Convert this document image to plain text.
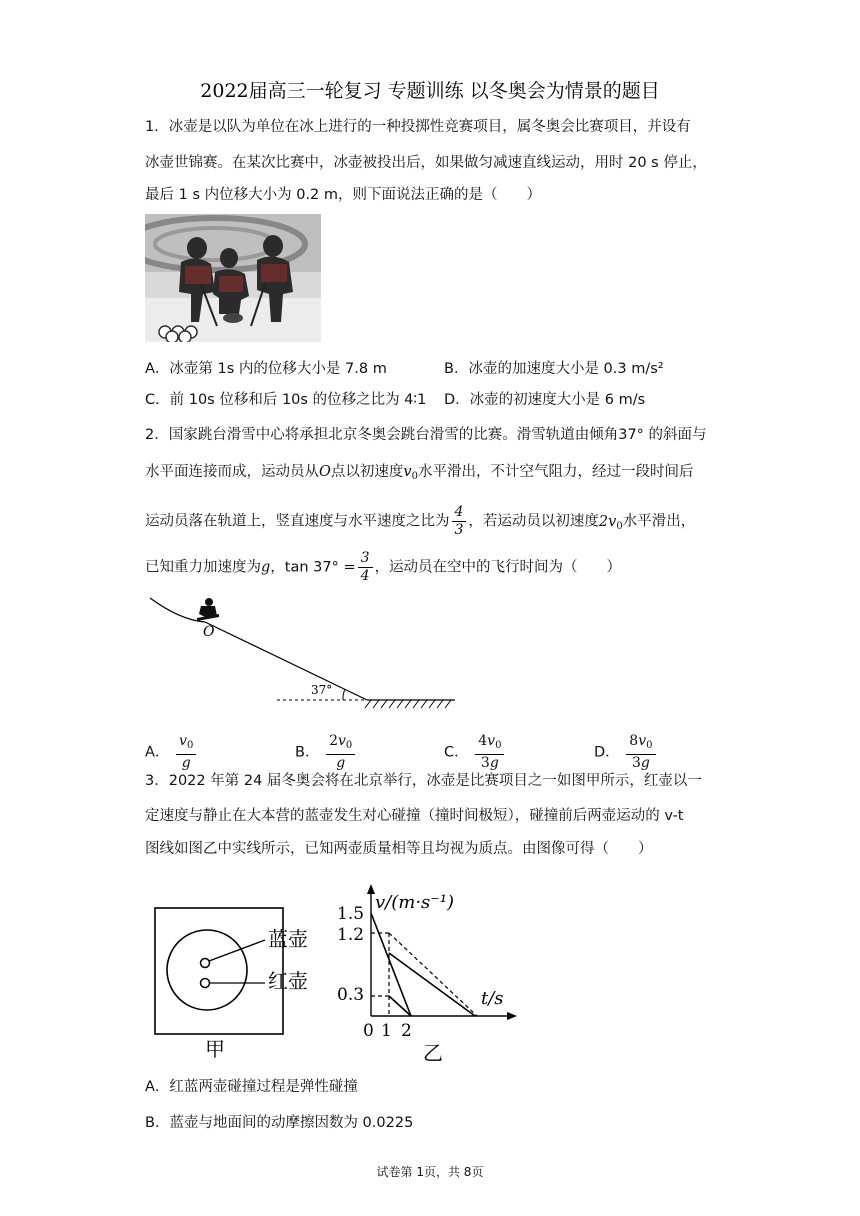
2022届高三一轮复习 专题训练 以冬奥会为情景的题目
1．冰壶是以队为单位在冰上进行的一种投掷性竞赛项目，属冬奥会比赛项目，并设有
冰壶世锦赛。在某次比赛中，冰壶被投出后，如果做匀减速直线运动，用时 20 s 停止，
最后 1 s 内位移大小为 0.2 m，则下面说法正确的是（　　）
A．冰壶第 1s 内的位移大小是 7.8 m	B．冰壶的加速度大小是 0.3 m/s²
C．前 10s 位移和后 10s 的位移之比为 4∶1 D．冰壶的初速度大小是 6 m/s
2．国家跳台滑雪中心将承担北京冬奥会跳台滑雪的比赛。滑雪轨道由倾角37° 的斜面与
水平面连接而成，运动员从O点以初速度$v_0$水平滑出，不计空气阻力，经过一段时间后
运动员落在轨道上，竖直速度与水平速度之比为 $\frac{4}{3}$ ，若运动员以初速度$2v_0$水平滑出，
已知重力加速度为g，$\tan 37^\circ = \frac{3}{4}$ ，运动员在空中的飞行时间为（　　）
O
37°
A． $\frac{v_0}{g}$	B． $\frac{2v_0}{g}$	C． $\frac{4v_0}{3g}$	D． $\frac{8v_0}{3g}$
3．2022 年第 24 届冬奥会将在北京举行，冰壶是比赛项目之一如图甲所示，红壶以一
定速度与静止在大本营的蓝壶发生对心碰撞（撞时间极短），碰撞前后两壶运动的 v-t
图线如图乙中实线所示，已知两壶质量相等且均视为质点。由图像可得（　　）
蓝壶
红壶
甲
v/(m·s⁻¹)
t/s
1.5
1.2
0.3
0 1 2
乙
A．红蓝两壶碰撞过程是弹性碰撞
B．蓝壶与地面间的动摩擦因数为 0.0225
试卷第 1页，共 8页
